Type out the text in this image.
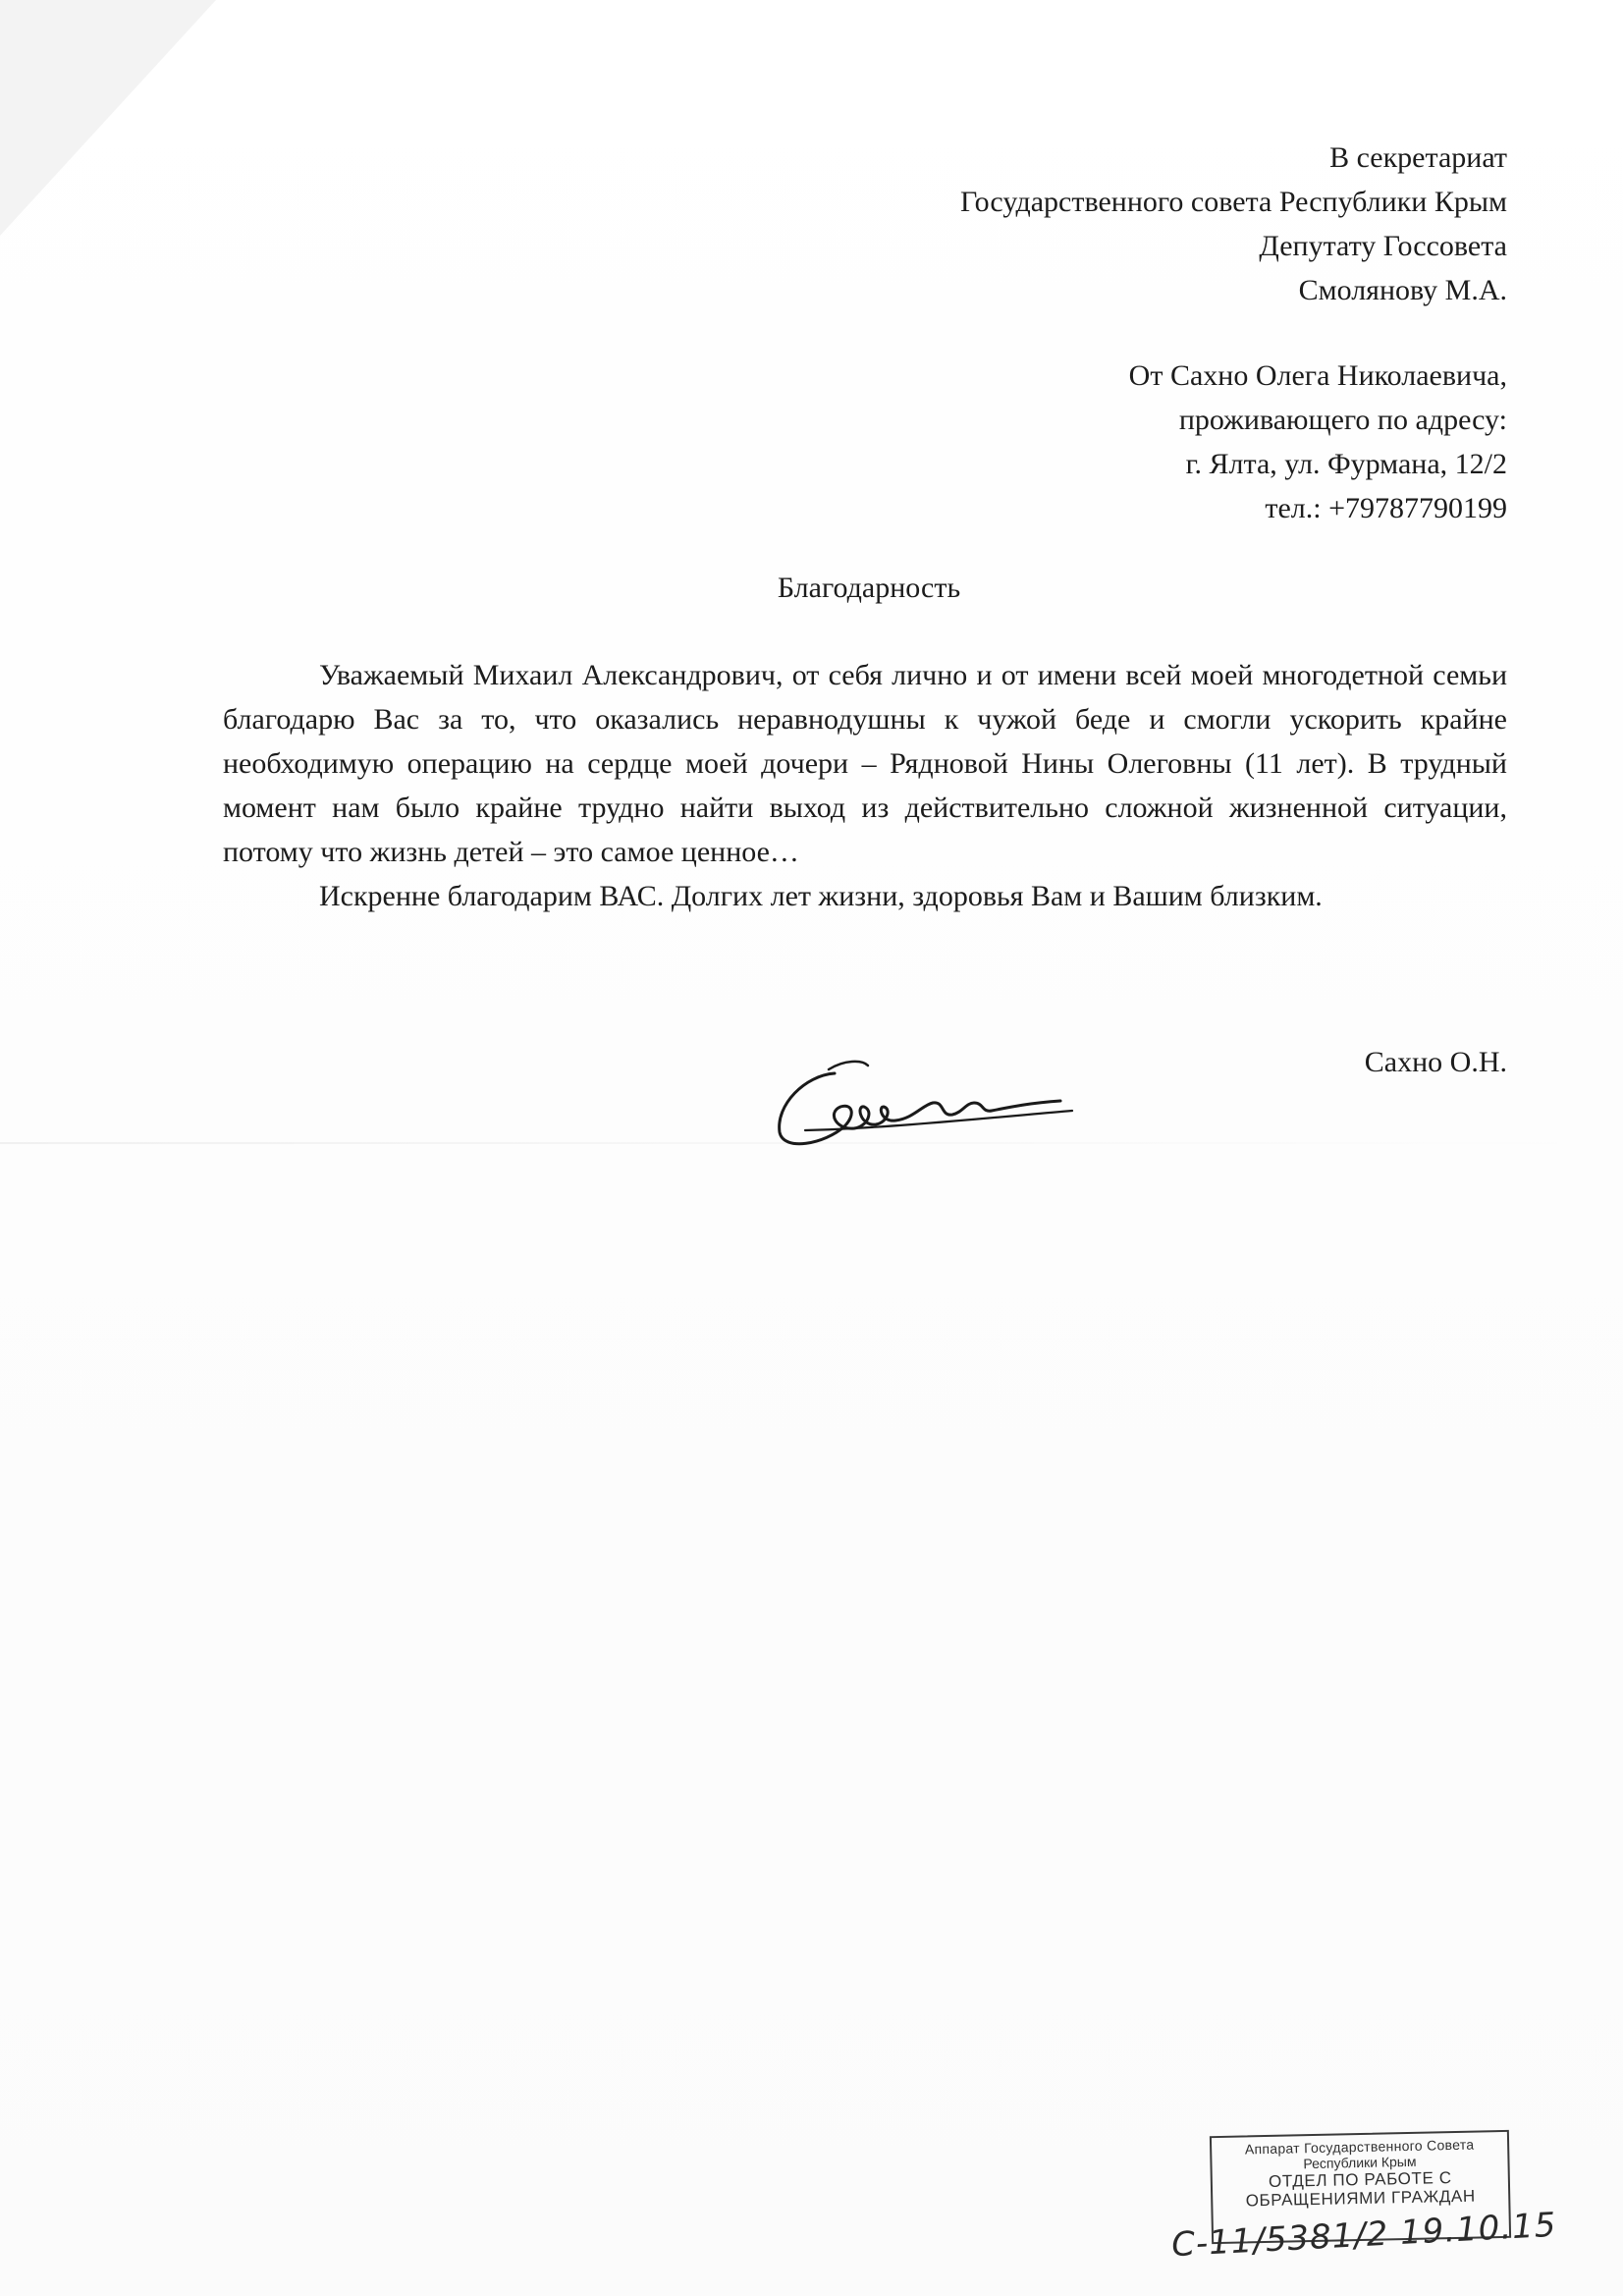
В секретариат
Государственного совета Республики Крым
Депутату Госсовета
Смолянову М.А.
От Сахно Олега Николаевича,
проживающего по адресу:
г. Ялта, ул. Фурмана, 12/2
тел.: +79787790199
Благодарность

Уважаемый Михаил Александрович, от себя лично и от имени всей моей многодетной семьи благодарю Вас за то, что оказались неравнодушны к чужой беде и смогли ускорить крайне необходимую операцию на сердце моей дочери – Рядновой Нины Олеговны (11 лет). В трудный момент нам было крайне трудно найти выход из действительно сложной жизненной ситуации, потому что жизнь детей – это самое ценное…

Искренне благодарим ВАС. Долгих лет жизни, здоровья Вам и Вашим близким.

Сахно О.Н.
Аппарат Государственного Совета
Республики Крым
ОТДЕЛ ПО РАБОТЕ С
ОБРАЩЕНИЯМИ ГРАЖДАН
С-11/5381/2 19.10.15
